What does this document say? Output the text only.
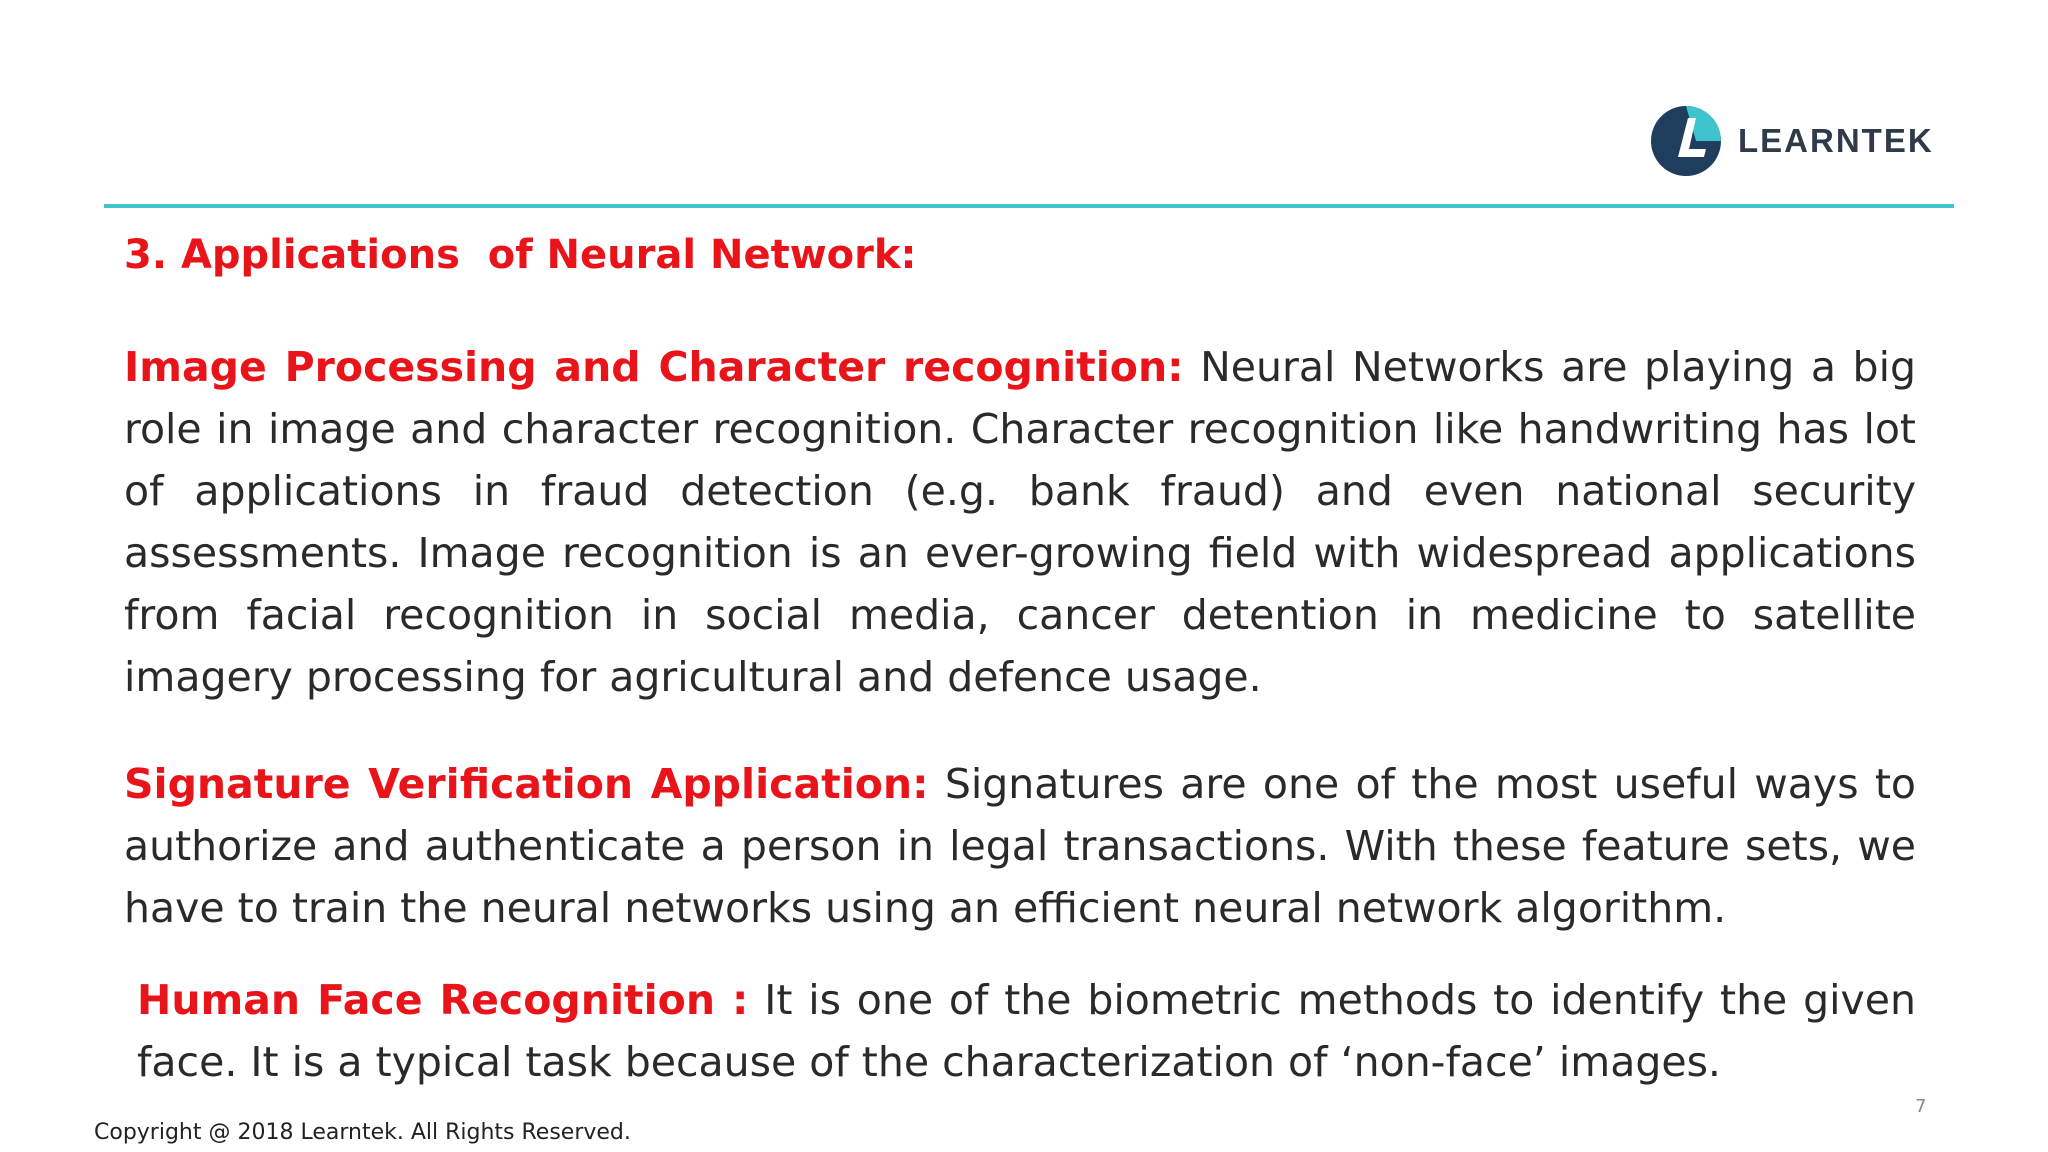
LEARNTEK
3. Applications  of Neural Network:

Image Processing and Character recognition: Neural Networks are playing a big role in image and character recognition. Character recognition like handwriting has lot of applications in fraud detection (e.g. bank fraud) and even national security assessments. Image recognition is an ever-growing field with widespread applications from facial recognition in social media, cancer detention in medicine to satellite imagery processing for agricultural and defence usage.

Signature Verification Application: Signatures are one of the most useful ways to authorize and authenticate a person in legal transactions. With these feature sets, we have to train the neural networks using an efficient neural network algorithm.

Human Face Recognition : It is one of the biometric methods to identify the given face. It is a typical task because of the characterization of ‘non-face’ images.

7
Copyright @ 2018 Learntek. All Rights Reserved.
